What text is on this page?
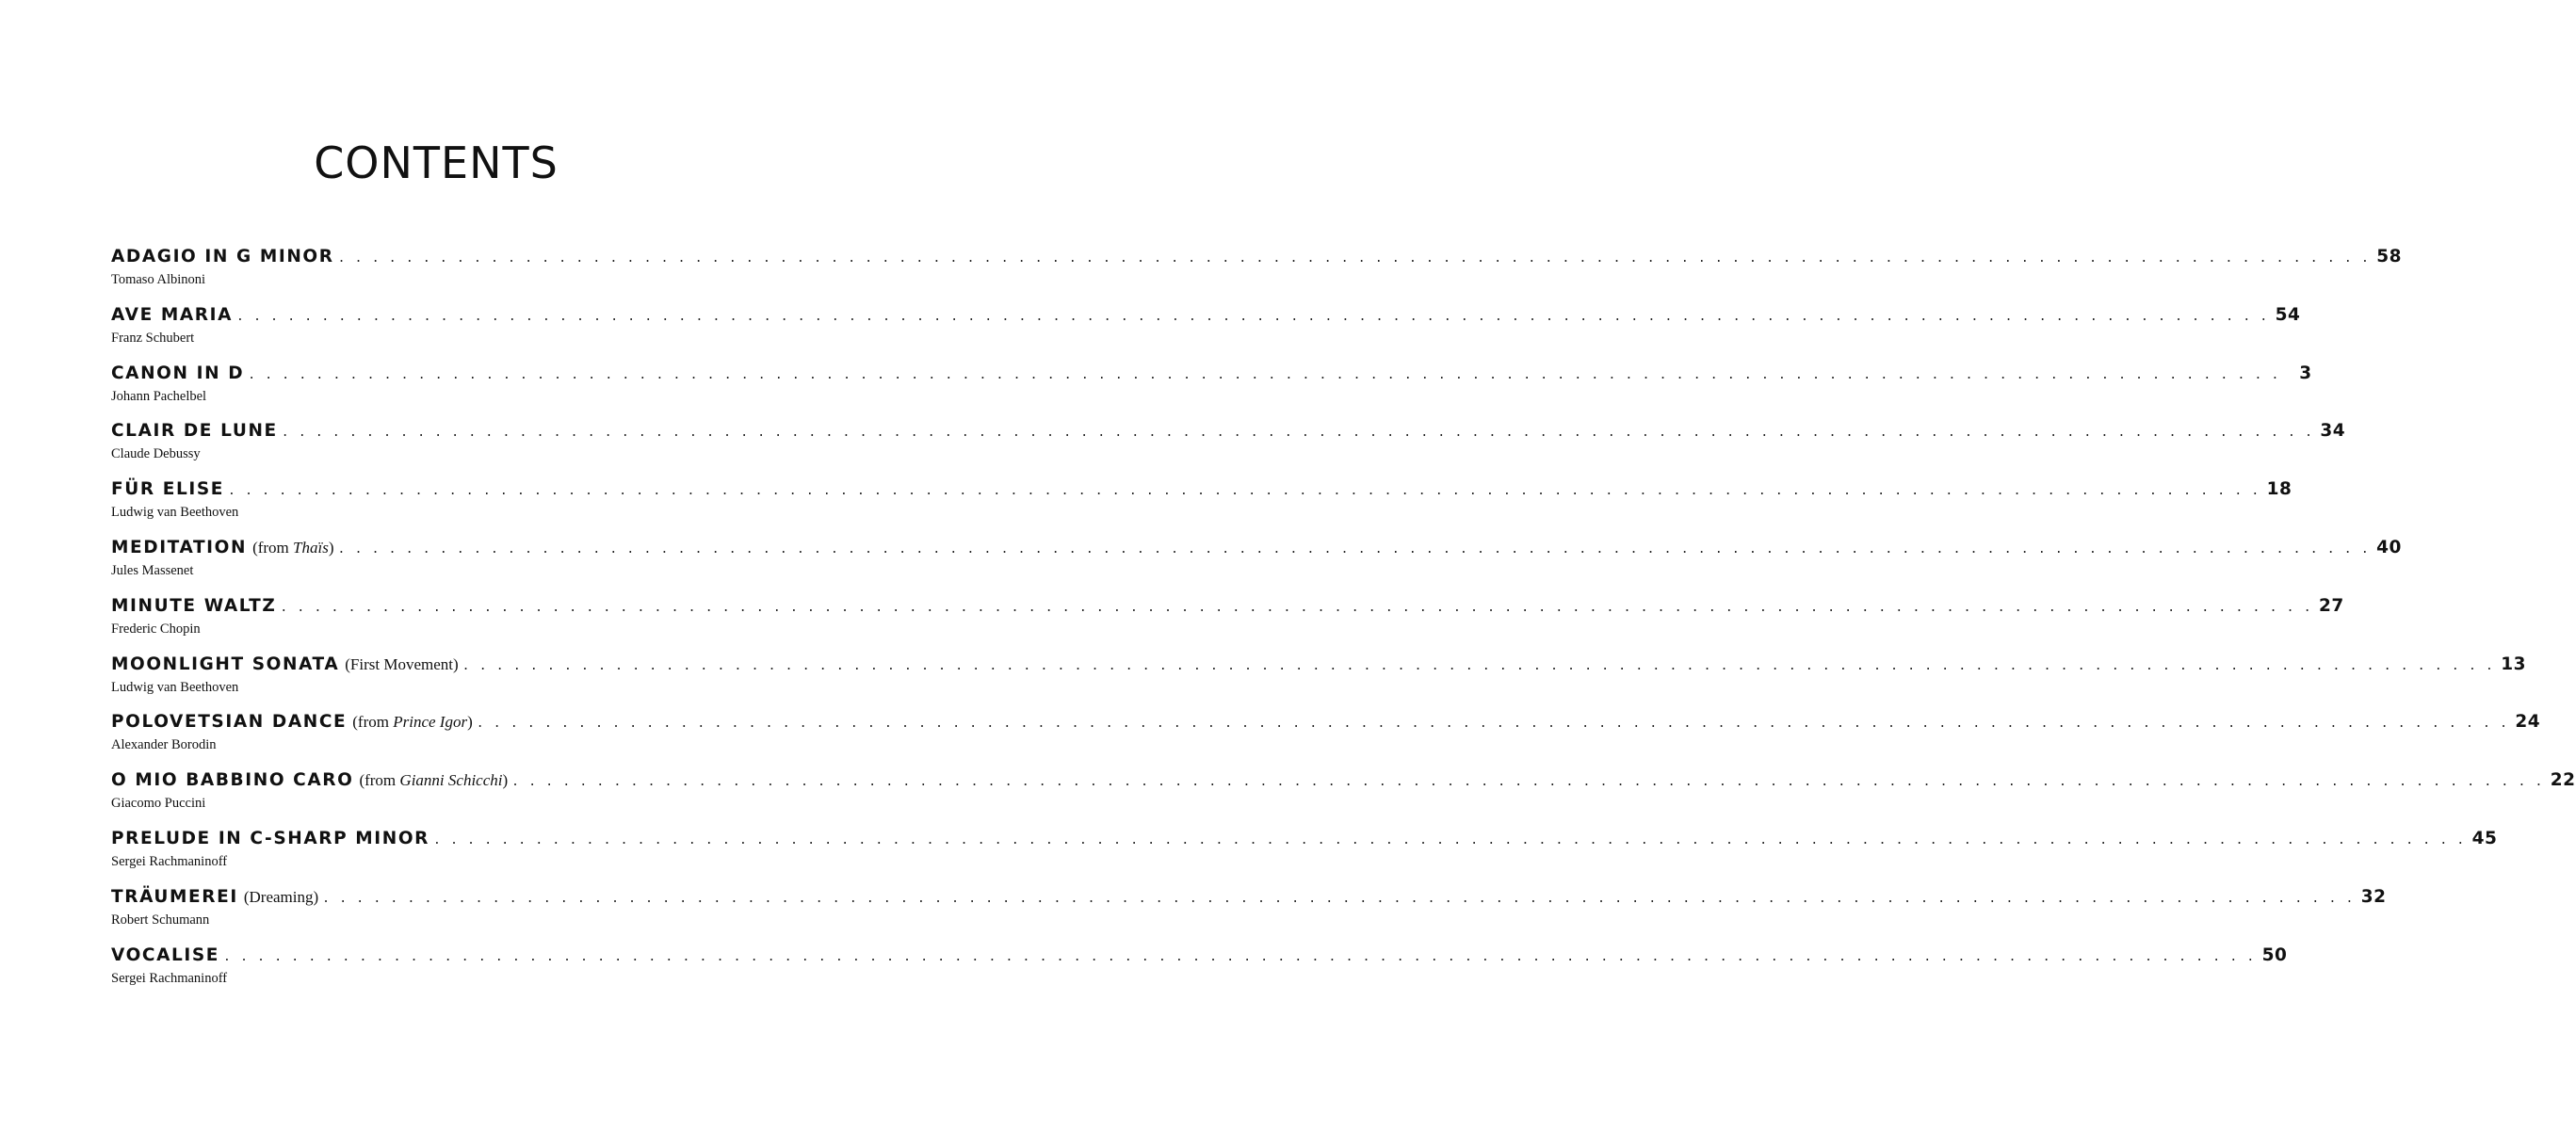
CONTENTS
ADAGIO IN G MINOR . . . . . . . . . . . . . . . . . . . . . . . . . . . . . . . . . . . . . . . . . . . . . . . . . . . . . . . . . . . . . . . . . . . . . . . . . . . . . . . . . . . . . . . . . . . . . . . . . . . . . . . . . . . . . . . . . . . . . . . . 58
Tomaso Albinoni
AVE MARIA . . . . . . . . . . . . . . . . . . . . . . . . . . . . . . . . . . . . . . . . . . . . . . . . . . . . . . . . . . . . . . . . . . . . . . . . . . . . . . . . . . . . . . . . . . . . . . . . . . . . . . . . . . . . . . . . . . . . . . . . 54
Franz Schubert
CANON IN D . . . . . . . . . . . . . . . . . . . . . . . . . . . . . . . . . . . . . . . . . . . . . . . . . . . . . . . . . . . . . . . . . . . . . . . . . . . . . . . . . . . . . . . . . . . . . . . . . . . . . . . . . . . . . . . . . . . . . . . .	3
Johann Pachelbel
CLAIR DE LUNE . . . . . . . . . . . . . . . . . . . . . . . . . . . . . . . . . . . . . . . . . . . . . . . . . . . . . . . . . . . . . . . . . . . . . . . . . . . . . . . . . . . . . . . . . . . . . . . . . . . . . . . . . . . . . . . . . . . . . . . . 34
Claude Debussy
FÜR ELISE . . . . . . . . . . . . . . . . . . . . . . . . . . . . . . . . . . . . . . . . . . . . . . . . . . . . . . . . . . . . . . . . . . . . . . . . . . . . . . . . . . . . . . . . . . . . . . . . . . . . . . . . . . . . . . . . . . . . . . . . 18
Ludwig van Beethoven
MEDITATION (from Thaïs) . . . . . . . . . . . . . . . . . . . . . . . . . . . . . . . . . . . . . . . . . . . . . . . . . . . . . . . . . . . . . . . . . . . . . . . . . . . . . . . . . . . . . . . . . . . . . . . . . . . . . . . . . . . . . . . . . . . . . . . . 40
Jules Massenet
MINUTE WALTZ . . . . . . . . . . . . . . . . . . . . . . . . . . . . . . . . . . . . . . . . . . . . . . . . . . . . . . . . . . . . . . . . . . . . . . . . . . . . . . . . . . . . . . . . . . . . . . . . . . . . . . . . . . . . . . . . . . . . . . . . 27
Frederic Chopin
MOONLIGHT SONATA (First Movement) . . . . . . . . . . . . . . . . . . . . . . . . . . . . . . . . . . . . . . . . . . . . . . . . . . . . . . . . . . . . . . . . . . . . . . . . . . . . . . . . . . . . . . . . . . . . . . . . . . . . . . . . . . . . . . . . . . . . . . . . 13
Ludwig van Beethoven
POLOVETSIAN DANCE (from Prince Igor) . . . . . . . . . . . . . . . . . . . . . . . . . . . . . . . . . . . . . . . . . . . . . . . . . . . . . . . . . . . . . . . . . . . . . . . . . . . . . . . . . . . . . . . . . . . . . . . . . . . . . . . . . . . . . . . . . . . . . . . . 24
Alexander Borodin
O MIO BABBINO CARO (from Gianni Schicchi) . . . . . . . . . . . . . . . . . . . . . . . . . . . . . . . . . . . . . . . . . . . . . . . . . . . . . . . . . . . . . . . . . . . . . . . . . . . . . . . . . . . . . . . . . . . . . . . . . . . . . . . . . . . . . . . . . . . . . . . . 22
Giacomo Puccini
PRELUDE IN C-SHARP MINOR . . . . . . . . . . . . . . . . . . . . . . . . . . . . . . . . . . . . . . . . . . . . . . . . . . . . . . . . . . . . . . . . . . . . . . . . . . . . . . . . . . . . . . . . . . . . . . . . . . . . . . . . . . . . . . . . . . . . . . . . 45
Sergei Rachmaninoff
TRÄUMEREI (Dreaming) . . . . . . . . . . . . . . . . . . . . . . . . . . . . . . . . . . . . . . . . . . . . . . . . . . . . . . . . . . . . . . . . . . . . . . . . . . . . . . . . . . . . . . . . . . . . . . . . . . . . . . . . . . . . . . . . . . . . . . . . 32
Robert Schumann
VOCALISE . . . . . . . . . . . . . . . . . . . . . . . . . . . . . . . . . . . . . . . . . . . . . . . . . . . . . . . . . . . . . . . . . . . . . . . . . . . . . . . . . . . . . . . . . . . . . . . . . . . . . . . . . . . . . . . . . . . . . . . . 50
Sergei Rachmaninoff
